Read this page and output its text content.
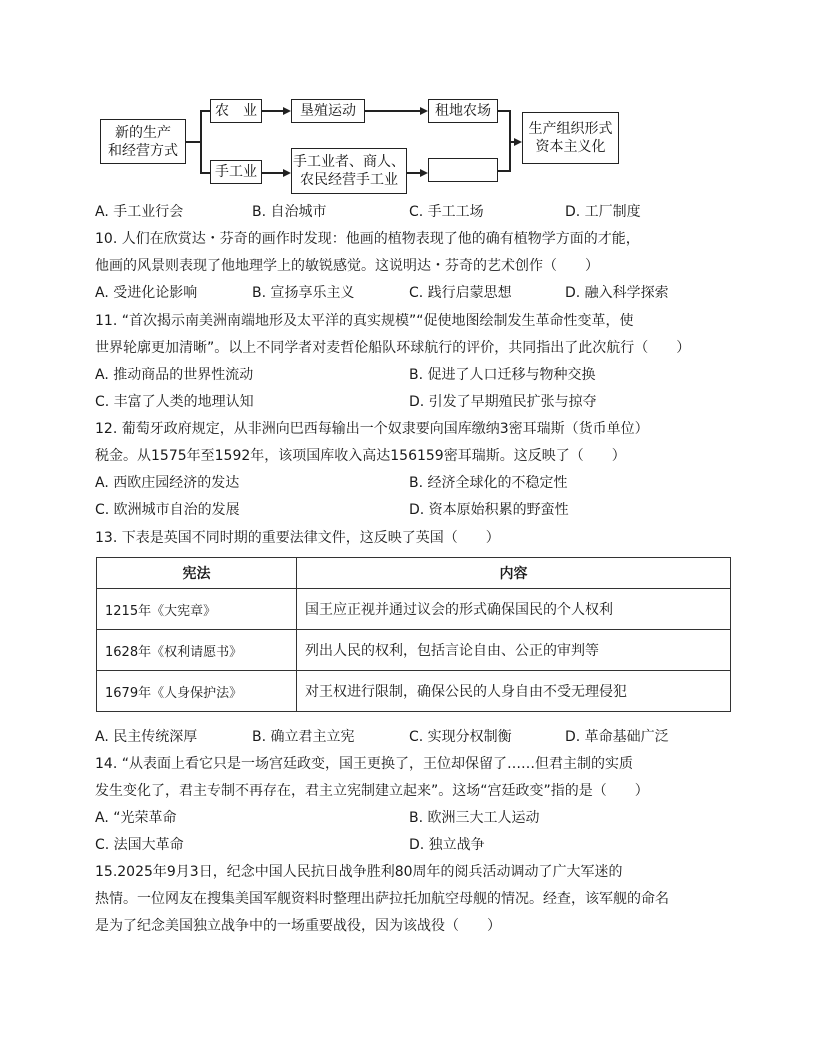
新的生产
和经营方式
农　业
手工业
垦殖运动	租地农场
手工业者、商人、
农民经营手工业
生产组织形式
资本主义化
A. 手工业行会	B. 自治城市	C. 手工工场	D. 工厂制度
10. 人们在欣赏达・芬奇的画作时发现：他画的植物表现了他的确有植物学方面的才能，
他画的风景则表现了他地理学上的敏锐感觉。这说明达・芬奇的艺术创作（　　）
A. 受进化论影响	B. 宣扬享乐主义	C. 践行启蒙思想	D. 融入科学探索
11. “首次揭示南美洲南端地形及太平洋的真实规模”“促使地图绘制发生革命性变革，使
世界轮廓更加清晰”。以上不同学者对麦哲伦船队环球航行的评价，共同指出了此次航行（　　）
A. 推动商品的世界性流动	B. 促进了人口迁移与物种交换
C. 丰富了人类的地理认知	D. 引发了早期殖民扩张与掠夺
12. 葡萄牙政府规定，从非洲向巴西每输出一个奴隶要向国库缴纳3密耳瑞斯（货币单位）
税金。从1575年至1592年，该项国库收入高达156159密耳瑞斯。这反映了（　　）
A. 西欧庄园经济的发达	B. 经济全球化的不稳定性
C. 欧洲城市自治的发展	D. 资本原始积累的野蛮性
13. 下表是英国不同时期的重要法律文件，这反映了英国（　　）
宪法	内容
1215年《大宪章》	国王应正视并通过议会的形式确保国民的个人权利
1628年《权利请愿书》	列出人民的权利，包括言论自由、公正的审判等
1679年《人身保护法》	对王权进行限制，确保公民的人身自由不受无理侵犯
A. 民主传统深厚	B. 确立君主立宪	C. 实现分权制衡	D. 革命基础广泛
14. “从表面上看它只是一场宫廷政变，国王更换了，王位却保留了……但君主制的实质
发生变化了，君主专制不再存在，君主立宪制建立起来”。这场“宫廷政变”指的是（　　）
A. “光荣革命	B. 欧洲三大工人运动
C. 法国大革命	D. 独立战争
15.2025年9月3日，纪念中国人民抗日战争胜利80周年的阅兵活动调动了广大军迷的
热情。一位网友在搜集美国军舰资料时整理出萨拉托加航空母舰的情况。经查，该军舰的命名
是为了纪念美国独立战争中的一场重要战役，因为该战役（　　）
